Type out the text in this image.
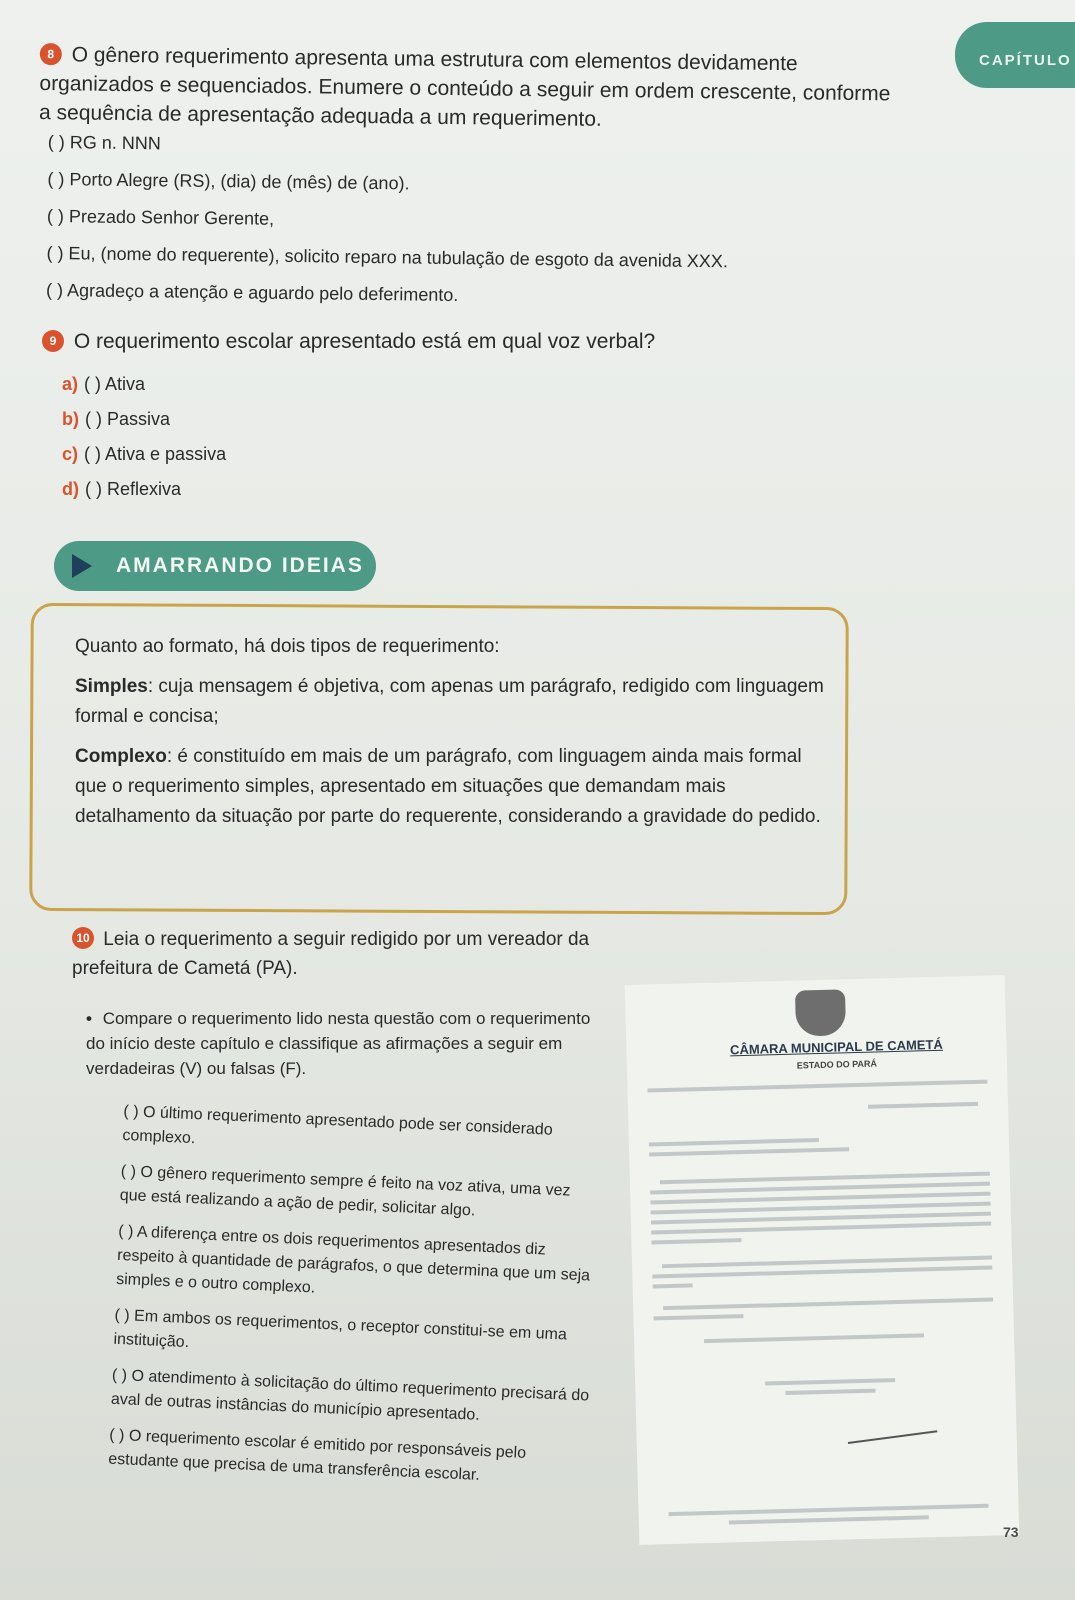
CAPÍTULO
8 O gênero requerimento apresenta uma estrutura com elementos devidamente organizados e sequenciados. Enumere o conteúdo a seguir em ordem crescente, conforme a sequência de apresentação adequada a um requerimento.
( ) RG n. NNN
( ) Porto Alegre (RS), (dia) de (mês) de (ano).
( ) Prezado Senhor Gerente,
( ) Eu, (nome do requerente), solicito reparo na tubulação de esgoto da avenida XXX.
( ) Agradeço a atenção e aguardo pelo deferimento.
9 O requerimento escolar apresentado está em qual voz verbal?
a) ( ) Ativa
b) ( ) Passiva
c) ( ) Ativa e passiva
d) ( ) Reflexiva
AMARRANDO IDEIAS

Quanto ao formato, há dois tipos de requerimento:

Simples: cuja mensagem é objetiva, com apenas um parágrafo, redigido com linguagem formal e concisa;

Complexo: é constituído em mais de um parágrafo, com linguagem ainda mais formal que o requerimento simples, apresentado em situações que demandam mais detalhamento da situação por parte do requerente, considerando a gravidade do pedido.

10 Leia o requerimento a seguir redigido por um vereador da prefeitura de Cametá (PA).
• Compare o requerimento lido nesta questão com o requerimento do início deste capítulo e classifique as afirmações a seguir em verdadeiras (V) ou falsas (F).

( ) O último requerimento apresentado pode ser considerado complexo.

( ) O gênero requerimento sempre é feito na voz ativa, uma vez que está realizando a ação de pedir, solicitar algo.

( ) A diferença entre os dois requerimentos apresentados diz respeito à quantidade de parágrafos, o que determina que um seja simples e o outro complexo.

( ) Em ambos os requerimentos, o receptor constitui-se em uma instituição.

( ) O atendimento à solicitação do último requerimento precisará do aval de outras instâncias do município apresentado.

( ) O requerimento escolar é emitido por responsáveis pelo estudante que precisa de uma transferência escolar.

CÂMARA MUNICIPAL DE CAMETÁ
ESTADO DO PARÁ
73
